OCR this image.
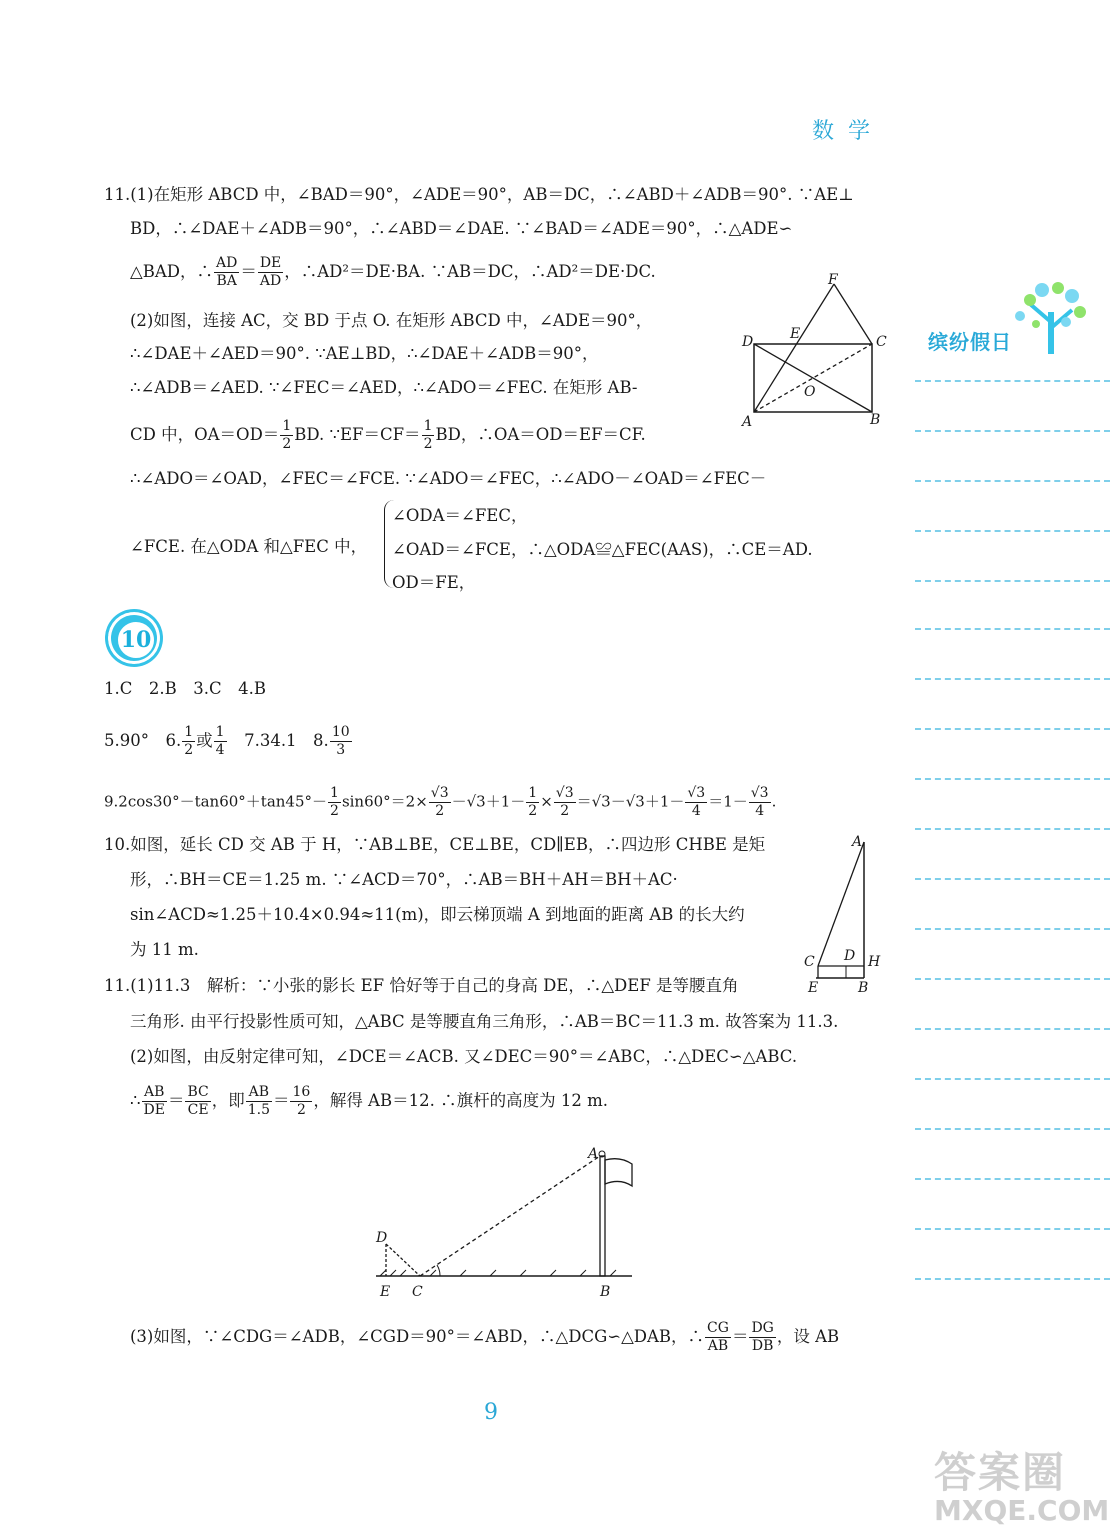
数学
缤纷假日
11.(1)在矩形 ABCD 中，∠BAD＝90°，∠ADE＝90°，AB＝DC，∴∠ABD＋∠ADB＝90°. ∵AE⊥
BD，∴∠DAE＋∠ADB＝90°，∴∠ABD＝∠DAE. ∵∠BAD＝∠ADE＝90°，∴△ADE∽
△BAD，∴ $\frac{AD}{BA} = \frac{DE}{AD}$ ，∴AD²＝DE·BA. ∵AB＝DC，∴AD²＝DE·DC.
(2)如图，连接 AC，交 BD 于点 O. 在矩形 ABCD 中，∠ADE＝90°，
∴∠DAE＋∠AED＝90°. ∵AE⊥BD，∴∠DAE＋∠ADB＝90°，
∴∠ADB＝∠AED. ∵∠FEC＝∠AED，∴∠ADO＝∠FEC. 在矩形 AB-
CD 中，$OA=OD= \frac{1}{2}$ BD. ∵EF＝CF＝ $\frac{1}{2}$ BD，∴OA＝OD＝EF＝CF.
∴∠ADO＝∠OAD，∠FEC＝∠FCE. ∵∠ADO＝∠FEC，∴∠ADO－∠OAD＝∠FEC－
∠FCE. 在△ODA 和△FEC 中，
∠ODA＝∠FEC，
∠OAD＝∠FCE，∴△ODA≌△FEC(AAS)，∴CE＝AD.
OD＝FE，
F
E
D	C
O
A	B
10
1.C　2.B　3.C　4.B
5.90°　6. $\frac{1}{2}$ 或 $\frac{1}{4}$ 　7.34.1　8. $\frac{10}{3}$
$9.2\cos 30^\circ-\tan 60^\circ+\tan 45^\circ- \frac{1}{2} \sin 60^\circ=2\times \frac{√3}{2} -√3+1- \frac{1}{2} \times \frac{√3}{2} =√3-√3+1- \frac{√3}{4} =1- \frac{√3}{4}$ .
10.如图，延长 CD 交 AB 于 H，∵AB⊥BE，CE⊥BE，CD∥EB，∴四边形 CHBE 是矩
形，∴BH＝CE＝1.25 m. ∵∠ACD＝70°，∴AB＝BH＋AH＝BH＋AC·
sin∠ACD≈1.25＋10.4×0.94≈11(m)，即云梯顶端 A 到地面的距离 AB 的长大约
为 11 m.
A
C D H
E	B
11.(1)11.3　解析：∵小张的影长 EF 恰好等于自己的身高 DE，∴△DEF 是等腰直角
三角形. 由平行投影性质可知，△ABC 是等腰直角三角形，∴AB＝BC＝11.3 m. 故答案为 11.3.
(2)如图，由反射定律可知，∠DCE＝∠ACB. 又∠DEC＝90°＝∠ABC，∴△DEC∽△ABC.
∴ $\frac{AB}{DE} = \frac{BC}{CE}$ ，即 $\frac{AB}{1.5} = \frac{16}{2}$ ，解得 AB＝12. ∴旗杆的高度为 12 m.
D
E C
A
B
(3)如图，∵∠CDG＝∠ADB，∠CGD＝90°＝∠ABD，∴△DCG∽△DAB，∴ $\frac{CG}{AB} = \frac{DG}{DB}$ ，设 AB
9
答案圈
MXQE.COM
